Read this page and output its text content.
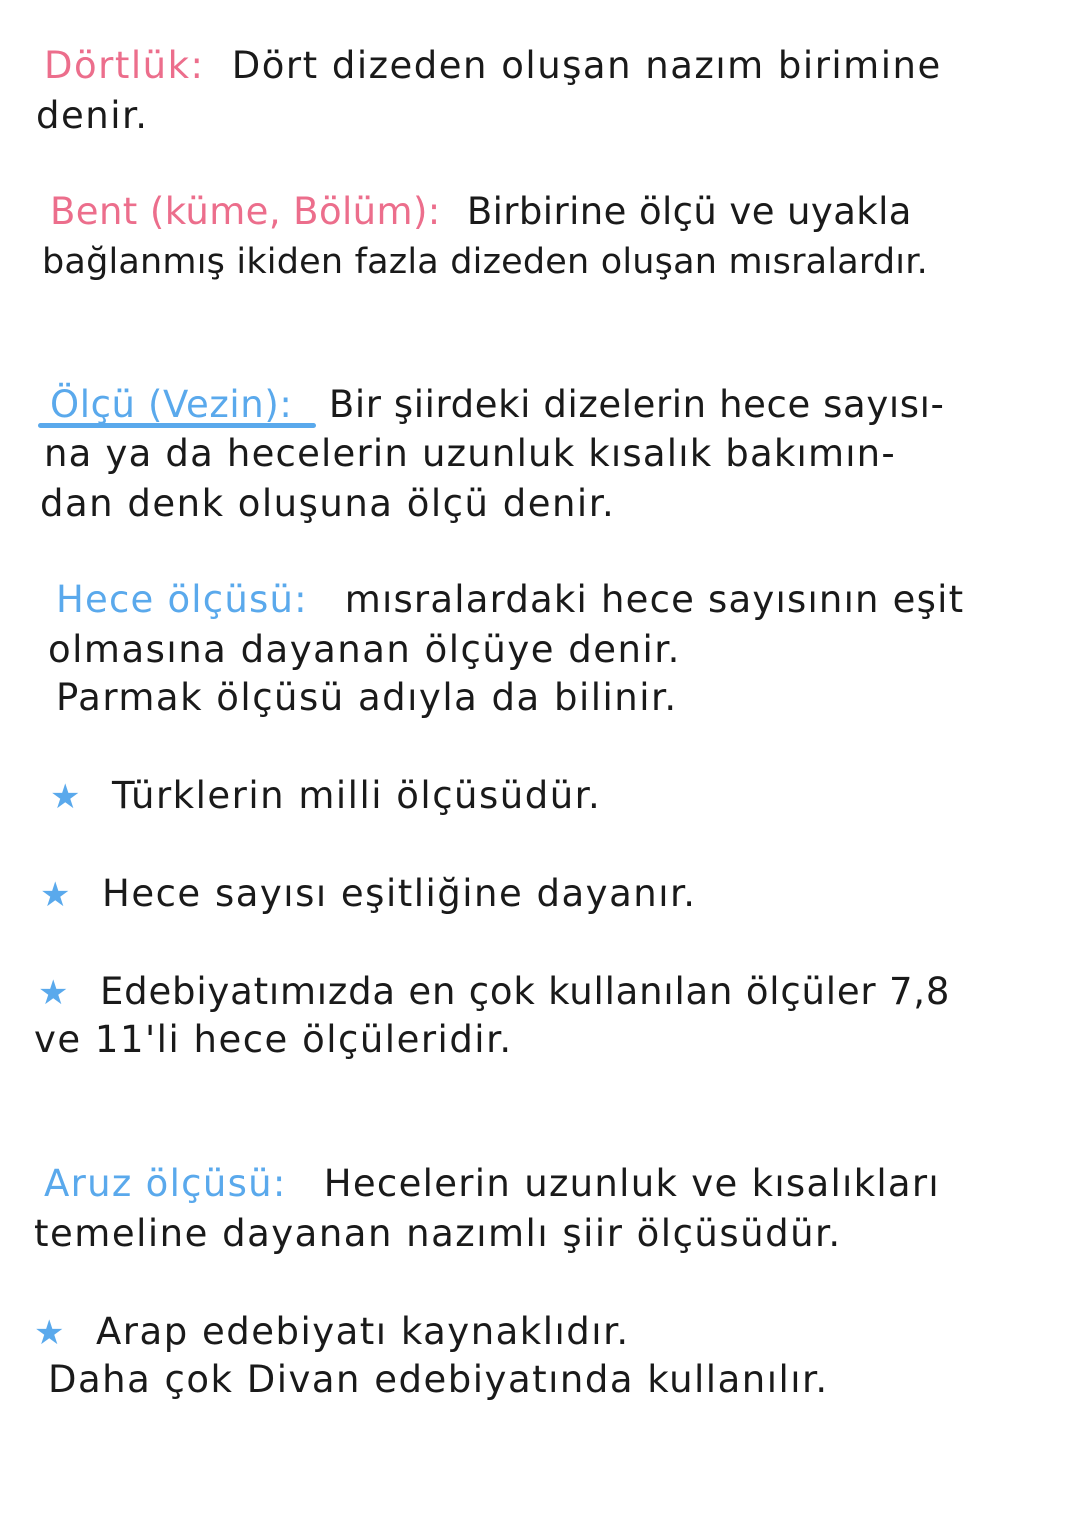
Dörtlük: Dört dizeden oluşan nazım birimine
denir.
Bent (küme, Bölüm): Birbirine ölçü ve uyakla
bağlanmış ikiden fazla dizeden oluşan mısralardır.
Ölçü (Vezin): Bir şiirdeki dizelerin hece sayısı-
na ya da hecelerin uzunluk kısalık bakımın-
dan denk oluşuna ölçü denir.
Hece ölçüsü: mısralardaki hece sayısının eşit
olmasına dayanan ölçüye denir.
Parmak ölçüsü adıyla da bilinir.
★ Türklerin milli ölçüsüdür.
★ Hece sayısı eşitliğine dayanır.
★ Edebiyatımızda en çok kullanılan ölçüler 7,8
ve 11'li hece ölçüleridir.
Aruz ölçüsü: Hecelerin uzunluk ve kısalıkları
temeline dayanan nazımlı şiir ölçüsüdür.
★ Arap edebiyatı kaynaklıdır.
Daha çok Divan edebiyatında kullanılır.
